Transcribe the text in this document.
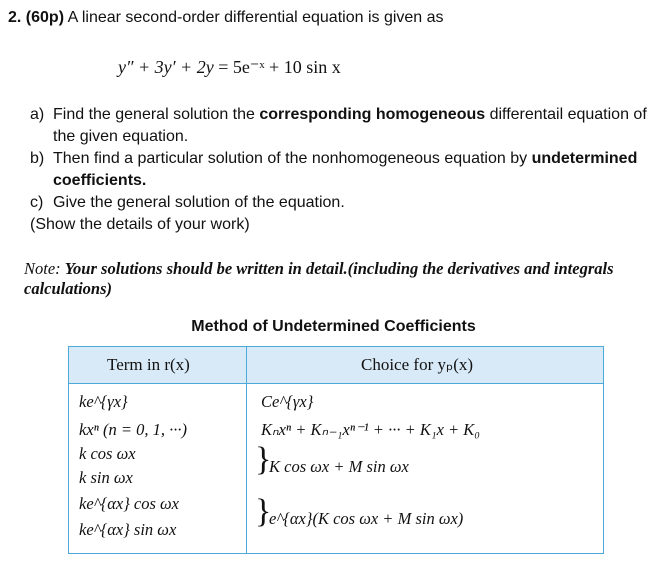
2. (60p) A linear second-order differential equation is given as
y″ + 3y′ + 2y = 5e⁻ˣ + 10 sin x
a) Find the general solution the corresponding homogeneous differentail equation of the given equation.
b) Then find a particular solution of the nonhomogeneous equation by undetermined coefficients.
c) Give the general solution of the equation.
(Show the details of your work)
Note: Your solutions should be written in detail.(including the derivatives and integrals calculations)
Method of Undetermined Coefficients
Term in r(x)	Choice for yₚ(x)
ke^{γx}
kxⁿ (n = 0, 1, ···)
k cos ωx
k sin ωx
ke^{αx} cos ωx
ke^{αx} sin ωx
Ce^{γx}
Kₙxⁿ + Kₙ₋₁xⁿ⁻¹ + ··· + K₁x + K₀
}
K cos ωx + M sin ωx
}
e^{αx}(K cos ωx + M sin ωx)
